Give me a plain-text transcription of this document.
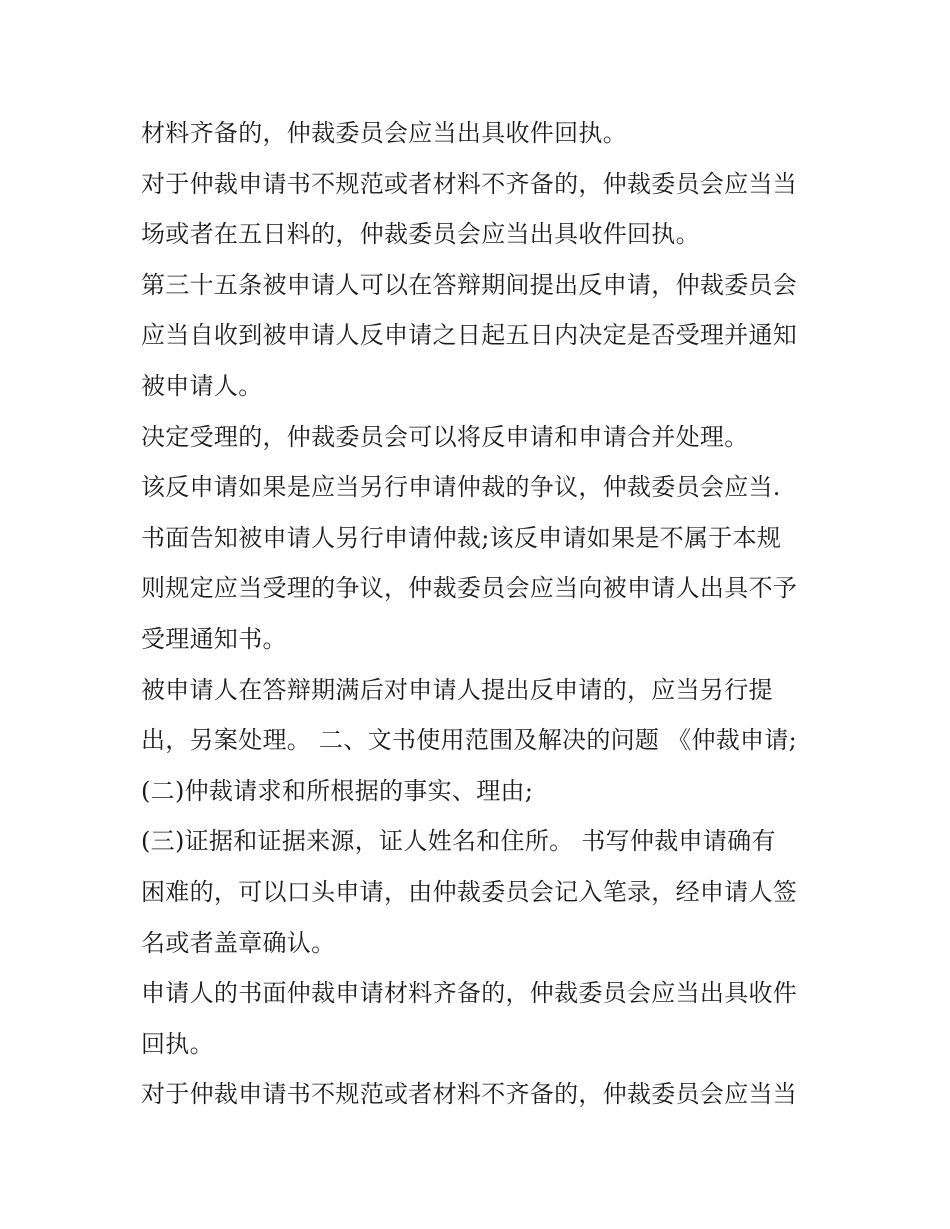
材料齐备的，仲裁委员会应当出具收件回执。
对于仲裁申请书不规范或者材料不齐备的，仲裁委员会应当当
场或者在五日料的，仲裁委员会应当出具收件回执。
第三十五条被申请人可以在答辩期间提出反申请，仲裁委员会
应当自收到被申请人反申请之日起五日内决定是否受理并通知
被申请人。
决定受理的，仲裁委员会可以将反申请和申请合并处理。
该反申请如果是应当另行申请仲裁的争议，仲裁委员会应当.
书面告知被申请人另行申请仲裁;该反申请如果是不属于本规
则规定应当受理的争议，仲裁委员会应当向被申请人出具不予
受理通知书。
被申请人在答辩期满后对申请人提出反申请的，应当另行提
出，另案处理。 二、文书使用范围及解决的问题 《仲裁申请;
(二)仲裁请求和所根据的事实、理由;
(三)证据和证据来源，证人姓名和住所。 书写仲裁申请确有
困难的，可以口头申请，由仲裁委员会记入笔录，经申请人签
名或者盖章确认。
申请人的书面仲裁申请材料齐备的，仲裁委员会应当出具收件
回执。
对于仲裁申请书不规范或者材料不齐备的，仲裁委员会应当当
